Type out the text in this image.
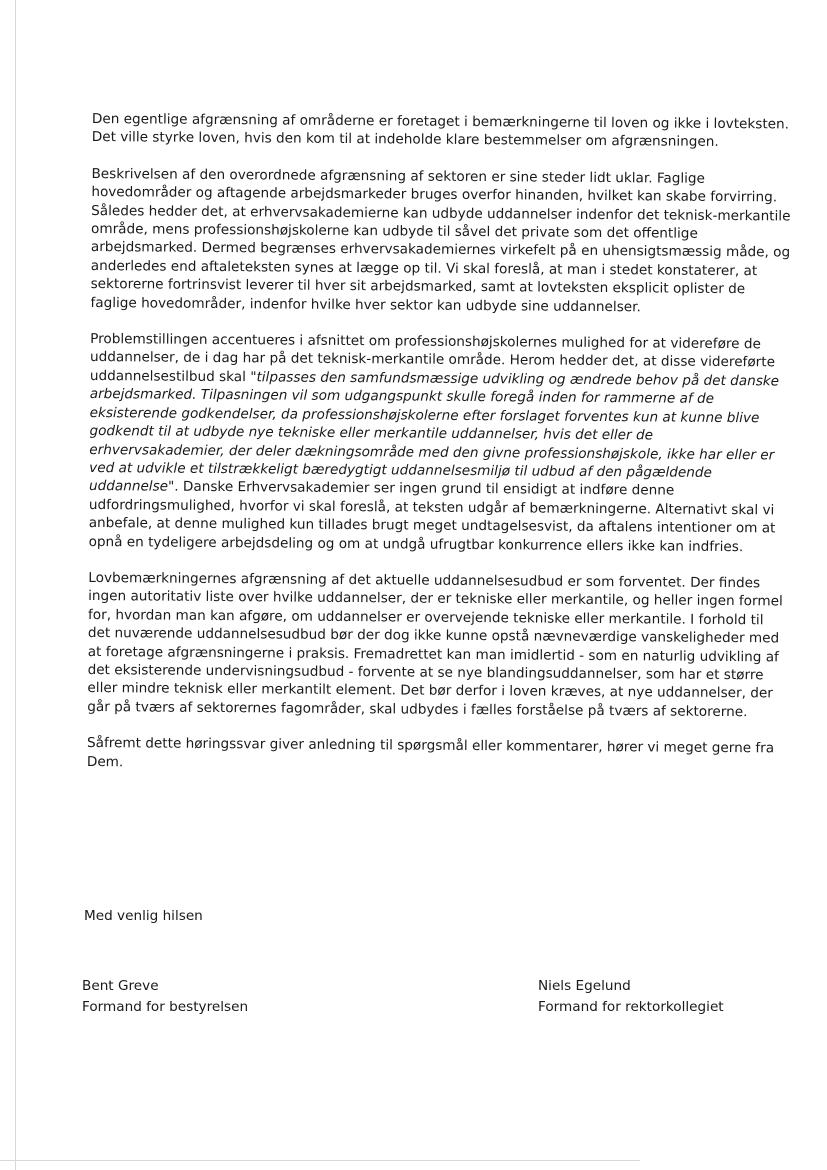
Den egentlige afgrænsning af områderne er foretaget i bemærkningerne til loven og ikke i lovteksten. Det ville styrke loven, hvis den kom til at indeholde klare bestemmelser om afgrænsningen.

Beskrivelsen af den overordnede afgrænsning af sektoren er sine steder lidt uklar. Faglige hovedområder og aftagende arbejdsmarkeder bruges overfor hinanden, hvilket kan skabe forvirring. Således hedder det, at erhvervsakademierne kan udbyde uddannelser indenfor det teknisk-merkantile område, mens professionshøjskolerne kan udbyde til såvel det private som det offentlige arbejdsmarked. Dermed begrænses erhvervsakademiernes virkefelt på en uhensigtsmæssig måde, og anderledes end aftaleteksten synes at lægge op til. Vi skal foreslå, at man i stedet konstaterer, at sektorerne fortrinsvist leverer til hver sit arbejdsmarked, samt at lovteksten eksplicit oplister de faglige hovedområder, indenfor hvilke hver sektor kan udbyde sine uddannelser.

Problemstillingen accentueres i afsnittet om professionshøjskolernes mulighed for at videreføre de uddannelser, de i dag har på det teknisk-merkantile område. Herom hedder det, at disse videreførte uddannelsestilbud skal "tilpasses den samfundsmæssige udvikling og ændrede behov på det danske arbejdsmarked. Tilpasningen vil som udgangspunkt skulle foregå inden for rammerne af de eksisterende godkendelser, da professionshøjskolerne efter forslaget forventes kun at kunne blive godkendt til at udbyde nye tekniske eller merkantile uddannelser, hvis det eller de erhvervsakademier, der deler dækningsområde med den givne professionshøjskole, ikke har eller er ved at udvikle et tilstrækkeligt bæredygtigt uddannelsesmiljø til udbud af den pågældende uddannelse". Danske Erhvervsakademier ser ingen grund til ensidigt at indføre denne udfordringsmulighed, hvorfor vi skal foreslå, at teksten udgår af bemærkningerne. Alternativt skal vi anbefale, at denne mulighed kun tillades brugt meget undtagelsesvist, da aftalens intentioner om at opnå en tydeligere arbejdsdeling og om at undgå ufrugtbar konkurrence ellers ikke kan indfries.

Lovbemærkningernes afgrænsning af det aktuelle uddannelsesudbud er som forventet. Der findes ingen autoritativ liste over hvilke uddannelser, der er tekniske eller merkantile, og heller ingen formel for, hvordan man kan afgøre, om uddannelser er overvejende tekniske eller merkantile. I forhold til det nuværende uddannelsesudbud bør der dog ikke kunne opstå nævneværdige vanskeligheder med at foretage afgrænsningerne i praksis. Fremadrettet kan man imidlertid - som en naturlig udvikling af det eksisterende undervisningsudbud - forvente at se nye blandingsuddannelser, som har et større eller mindre teknisk eller merkantilt element. Det bør derfor i loven kræves, at nye uddannelser, der går på tværs af sektorernes fagområder, skal udbydes i fælles forståelse på tværs af sektorerne.

Såfremt dette høringssvar giver anledning til spørgsmål eller kommentarer, hører vi meget gerne fra Dem.

Med venlig hilsen

Bent Greve
Formand for bestyrelsen
Niels Egelund
Formand for rektorkollegiet
